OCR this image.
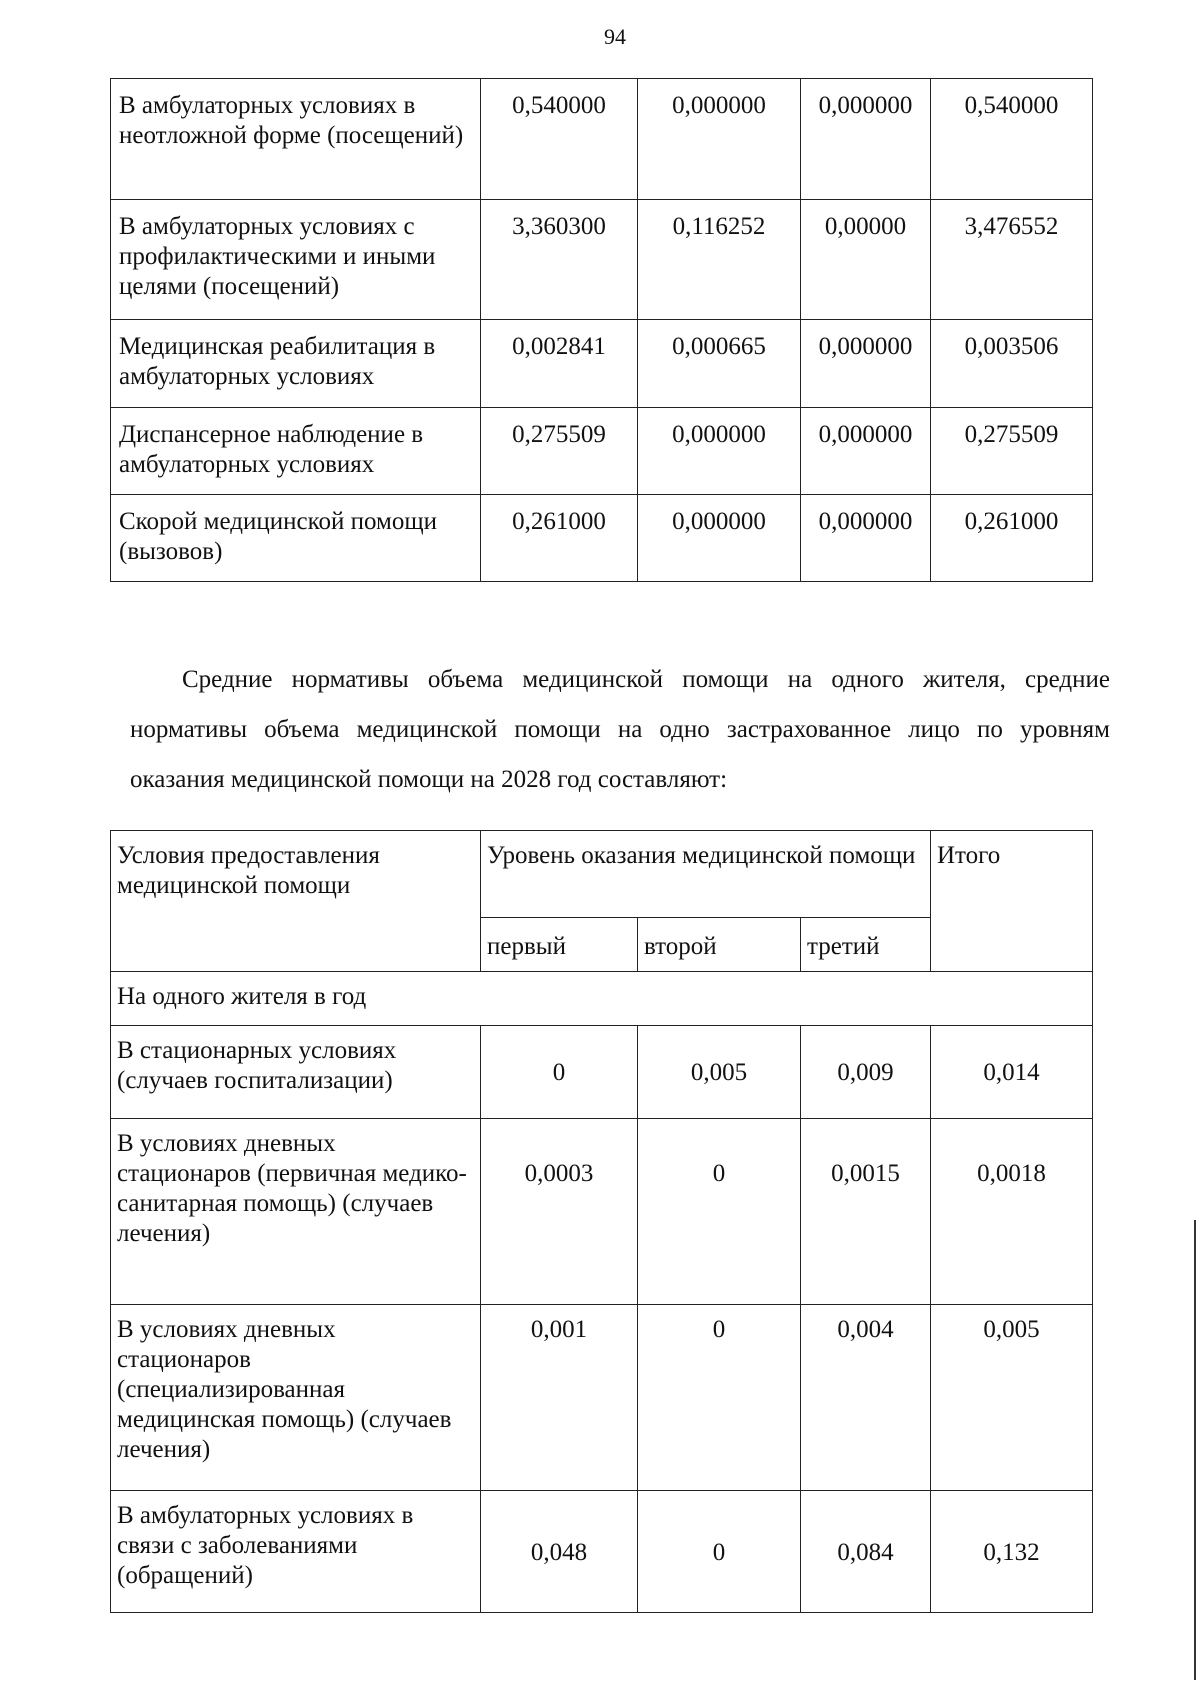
94
В амбулаторных условиях в неотложной форме (посещений)	0,540000	0,000000	0,000000	0,540000
В амбулаторных условиях с профилактическими и иными целями (посещений)	3,360300	0,116252	0,00000	3,476552
Медицинская реабилитация в амбулаторных условиях	0,002841	0,000665	0,000000	0,003506
Диспансерное наблюдение в амбулаторных условиях	0,275509	0,000000	0,000000	0,275509
Скорой медицинской помощи (вызовов)	0,261000	0,000000	0,000000	0,261000

Средние нормативы объема медицинской помощи на одного жителя, средние нормативы объема медицинской помощи на одно застрахованное лицо по уровням оказания медицинской помощи на 2028 год составляют:

Условия предоставления медицинской помощи	Уровень оказания медицинской помощи			Итого
	первый	второй	третий	
На одного жителя в год				
В стационарных условиях (случаев госпитализации)	0	0,005	0,009	0,014
В условиях дневных стационаров (первичная медико-санитарная помощь) (случаев лечения)	0,0003	0	0,0015	0,0018
В условиях дневных стационаров (специализированная медицинская помощь) (случаев лечения)	0,001	0	0,004	0,005
В амбулаторных условиях в связи с заболеваниями (обращений)	0,048	0	0,084	0,132
